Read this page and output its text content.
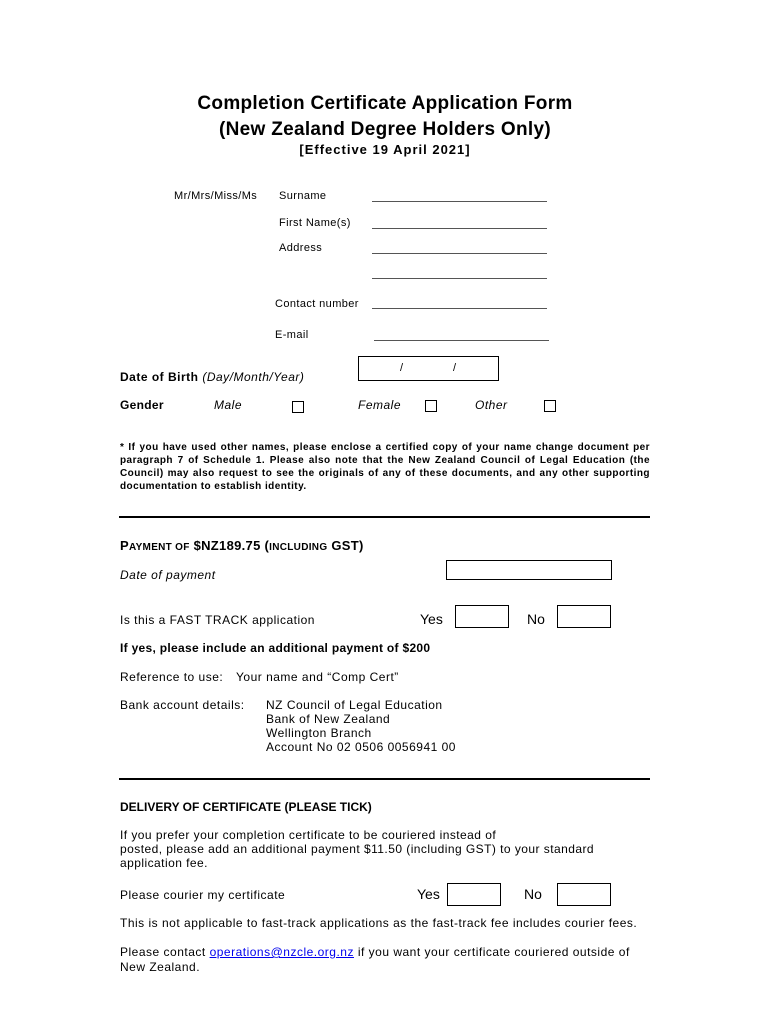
Completion Certificate Application Form
(New Zealand Degree Holders Only)
[Effective 19 April 2021]
Mr/Mrs/Miss/Ms Surname
First Name(s)
Address
Contact number
E-mail
/	/
Date of Birth (Day/Month/Year)
Gender	Male	Female	Other
* If you have used other names, please enclose a certified copy of your name change document per paragraph 7 of Schedule 1. Please also note that the New Zealand Council of Legal Education (the Council) may also request to see the originals of any of these documents, and any other supporting documentation to establish identity.
PAYMENT OF $NZ189.75 (INCLUDING GST)
Date of payment
Is this a FAST TRACK application	Yes	No
If yes, please include an additional payment of $200
Reference to use: Your name and “Comp Cert”
Bank account details: NZ Council of Legal Education
Bank of New Zealand
Wellington Branch
Account No 02 0506 0056941 00
DELIVERY OF CERTIFICATE (PLEASE TICK)
If you prefer your completion certificate to be couriered instead of
posted, please add an additional payment $11.50 (including GST) to your standard
application fee.
Please courier my certificate	Yes	No
This is not applicable to fast-track applications as the fast-track fee includes courier fees.
Please contact operations@nzcle.org.nz if you want your certificate couriered outside of
New Zealand.
